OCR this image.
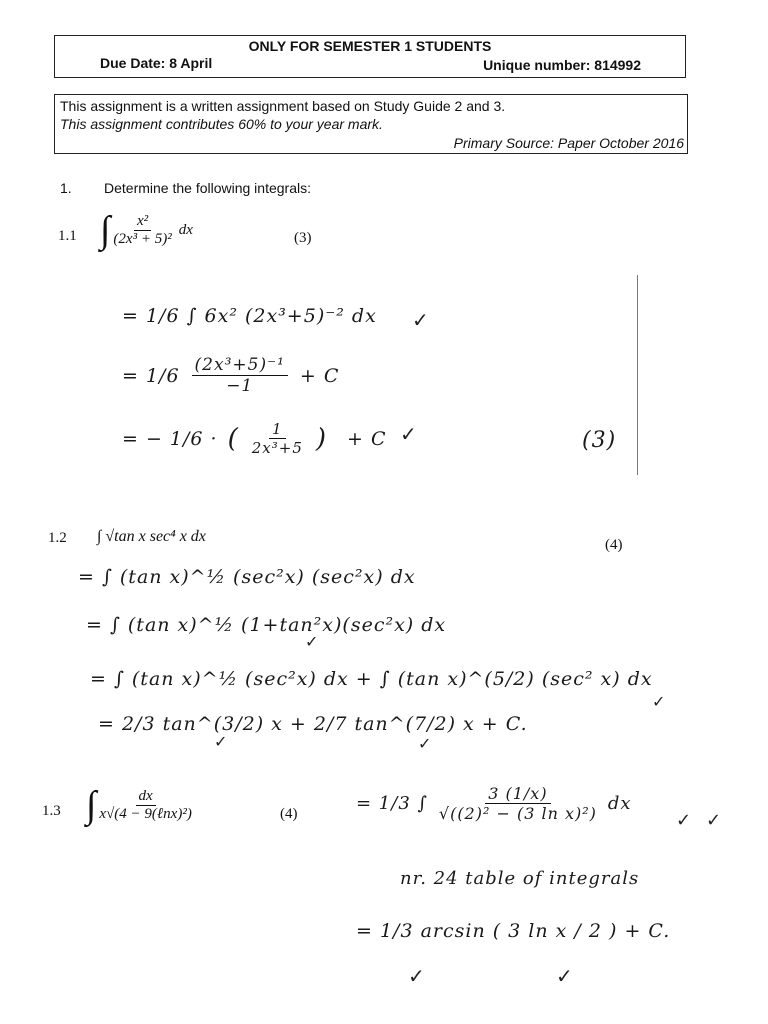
ONLY FOR SEMESTER 1 STUDENTS
Due Date: 8 April	Unique number: 814992
This assignment is a written assignment based on Study Guide 2 and 3.
This assignment contributes 60% to your year mark.
Primary Source: Paper October 2016
1. Determine the following integrals:
1.1 ∫ $\frac{\text{x²}}{\text{(2x³ + 5)²}}$ dx
(3)
= 1/6 ∫ 6x² (2x³+5)⁻² dx ✓
= $1/6 \frac{\text{(2x³+5)⁻¹}}{-1} + C$
= − 1/6 · ( $\frac{1}{\text{2x³+5}}$ ) + C ✓	(3)
1.2 ∫ √tan x sec⁴ x dx	(4)
= ∫ (tan x)^½ (sec²x) (sec²x) dx
= ∫ (tan x)^½ (1+tan²x)(sec²x) dx
✓
= ∫ (tan x)^½ (sec²x) dx + ∫ (tan x)^(5/2) (sec² x) dx
✓
= 2/3 tan^(3/2) x + 2/7 tan^(7/2) x + C.
✓	✓
1.3 ∫ $\frac{dx}{\text{x√(4 − 9(ℓnx)²)}}$	(4)	= 1/3 ∫ $\frac{3 (1/x)}{\text{√((2)² − (3 ln x)²)}}$ dx
✓ ✓
nr. 24 table of integrals
= 1/3 arcsin ( 3 ln x / 2 ) + C.
✓	✓
